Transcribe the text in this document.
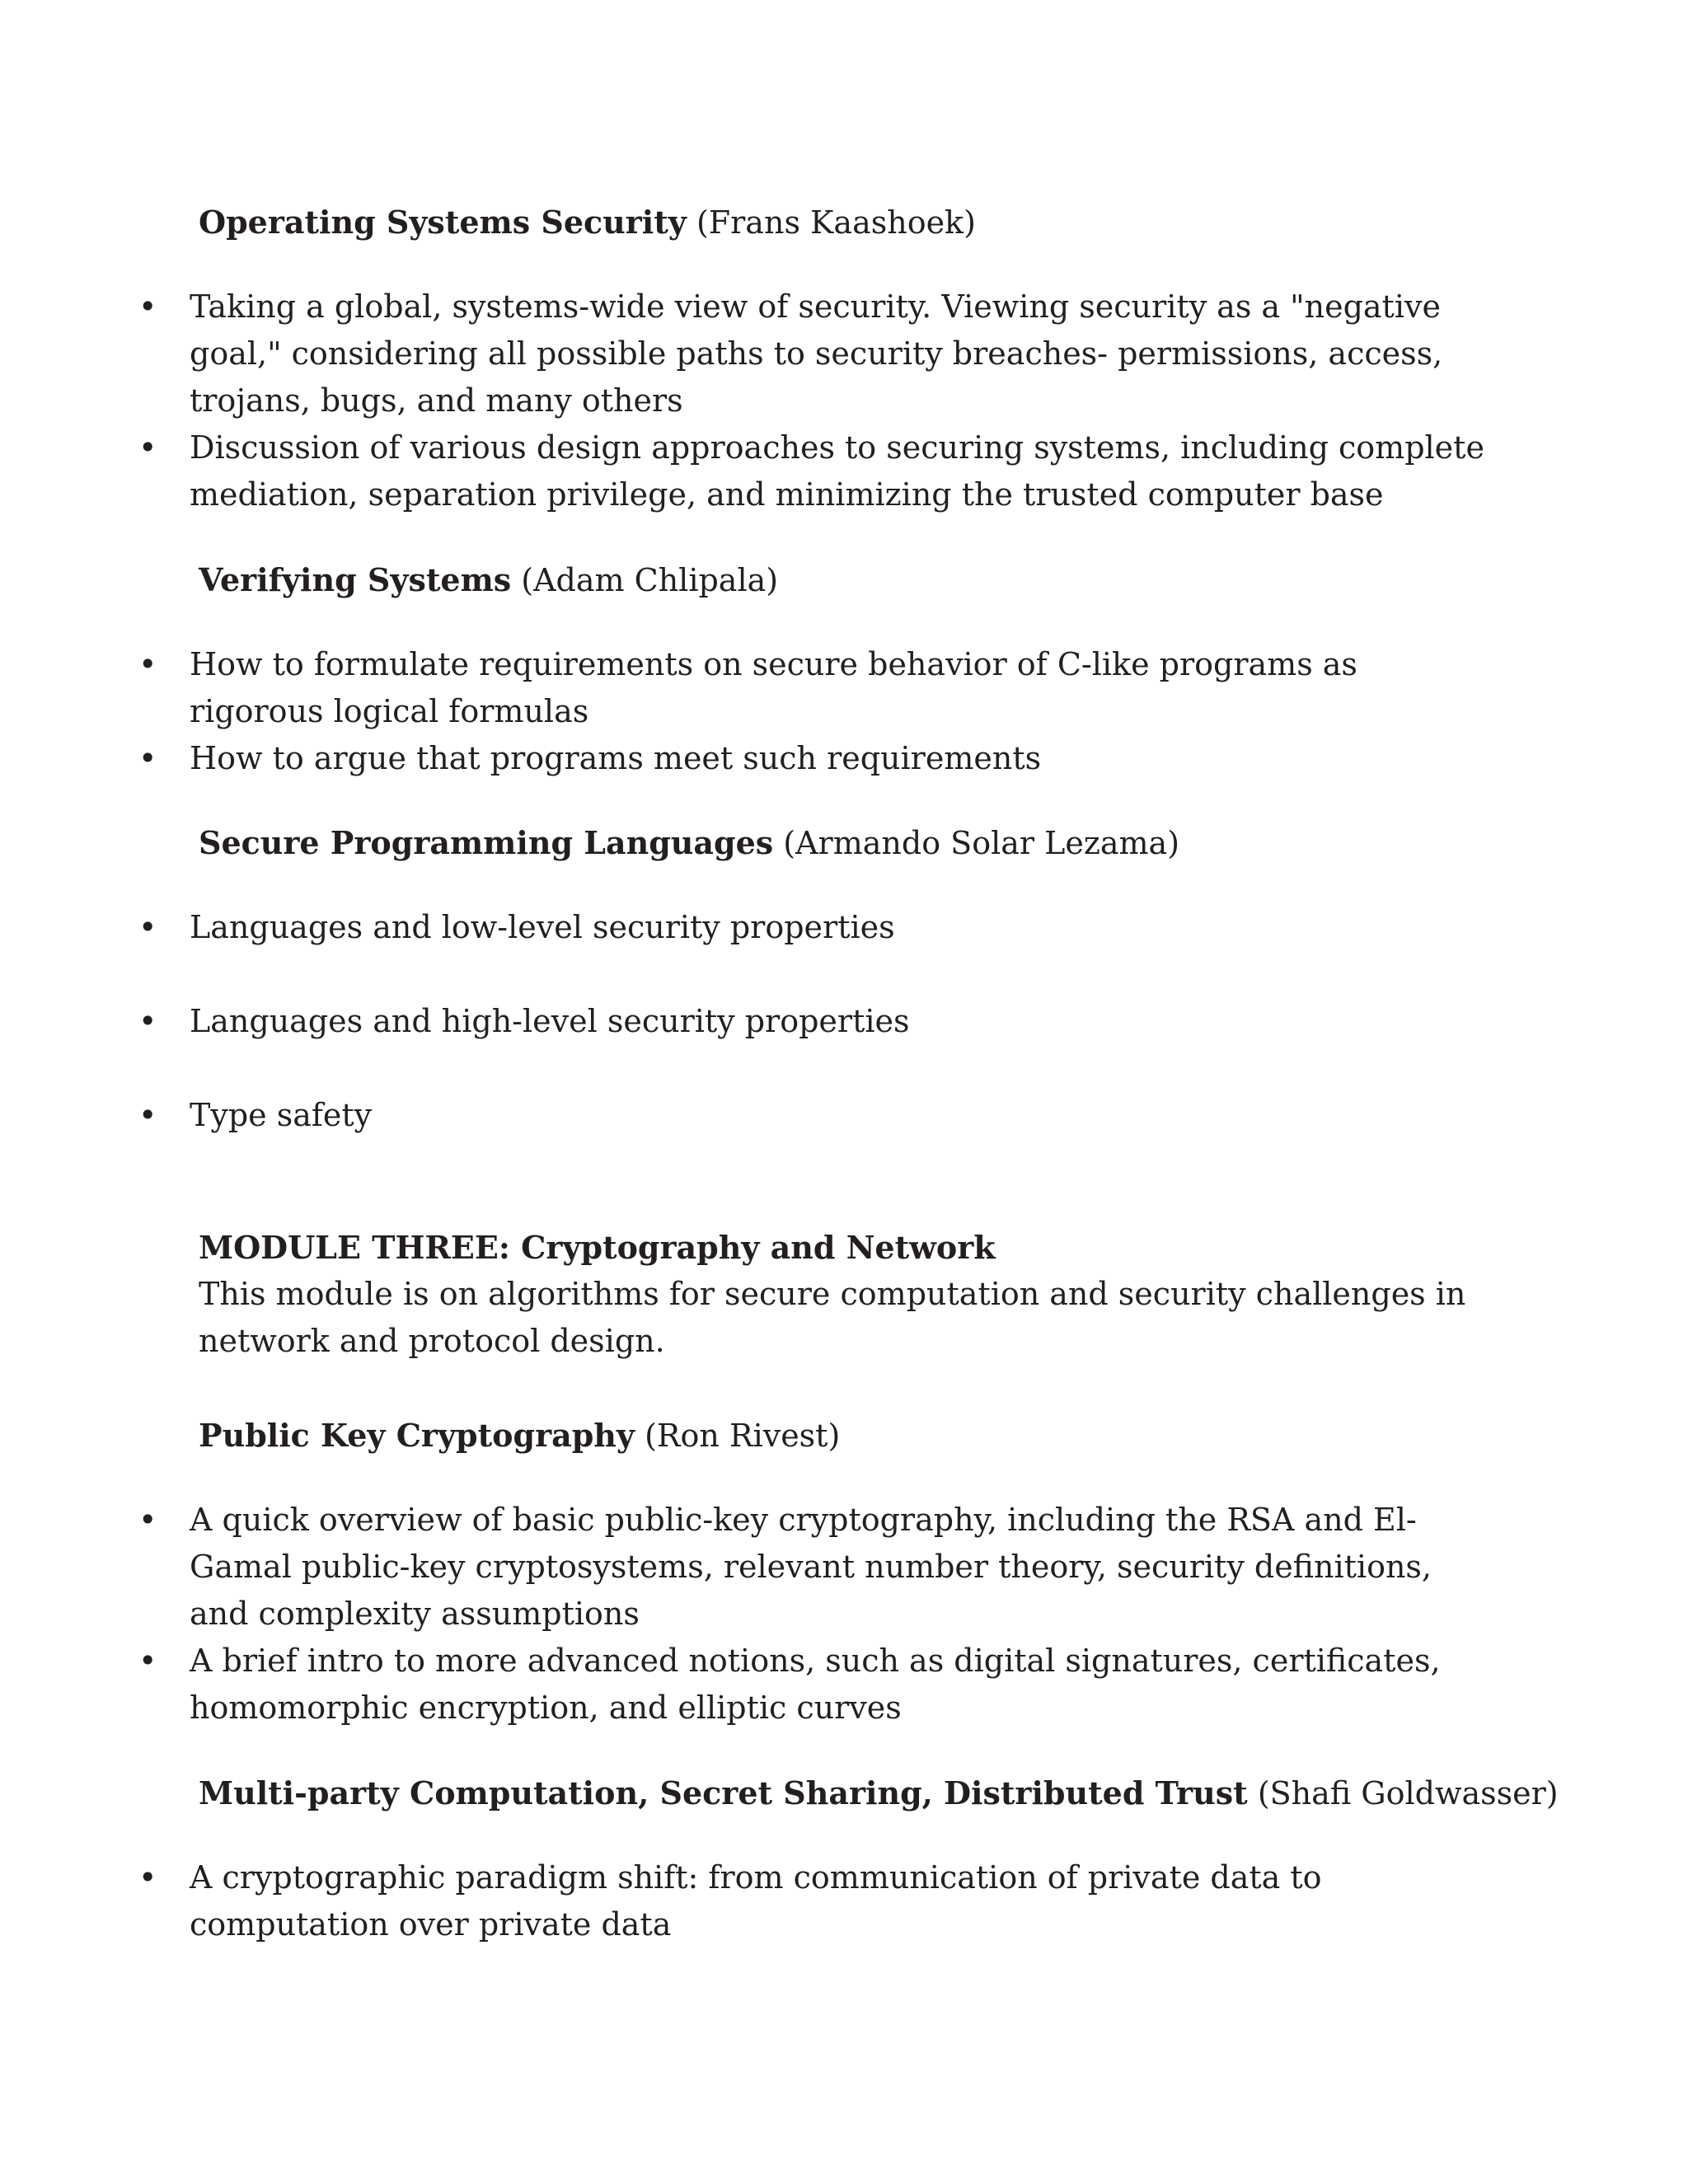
Operating Systems Security (Frans Kaashoek)
• Taking a global, systems-wide view of security. Viewing security as a "negative goal," considering all possible paths to security breaches- permissions, access, trojans, bugs, and many others
• Discussion of various design approaches to securing systems, including complete mediation, separation privilege, and minimizing the trusted computer base
Verifying Systems (Adam Chlipala)
• How to formulate requirements on secure behavior of C-like programs as rigorous logical formulas
• How to argue that programs meet such requirements
Secure Programming Languages (Armando Solar Lezama)
• Languages and low-level security properties
• Languages and high-level security properties
• Type safety
MODULE THREE: Cryptography and Network
This module is on algorithms for secure computation and security challenges in network and protocol design.
Public Key Cryptography (Ron Rivest)
• A quick overview of basic public-key cryptography, including the RSA and El-Gamal public-key cryptosystems, relevant number theory, security definitions, and complexity assumptions
• A brief intro to more advanced notions, such as digital signatures, certificates, homomorphic encryption, and elliptic curves
Multi-party Computation, Secret Sharing, Distributed Trust (Shafi Goldwasser)
• A cryptographic paradigm shift: from communication of private data to computation over private data
